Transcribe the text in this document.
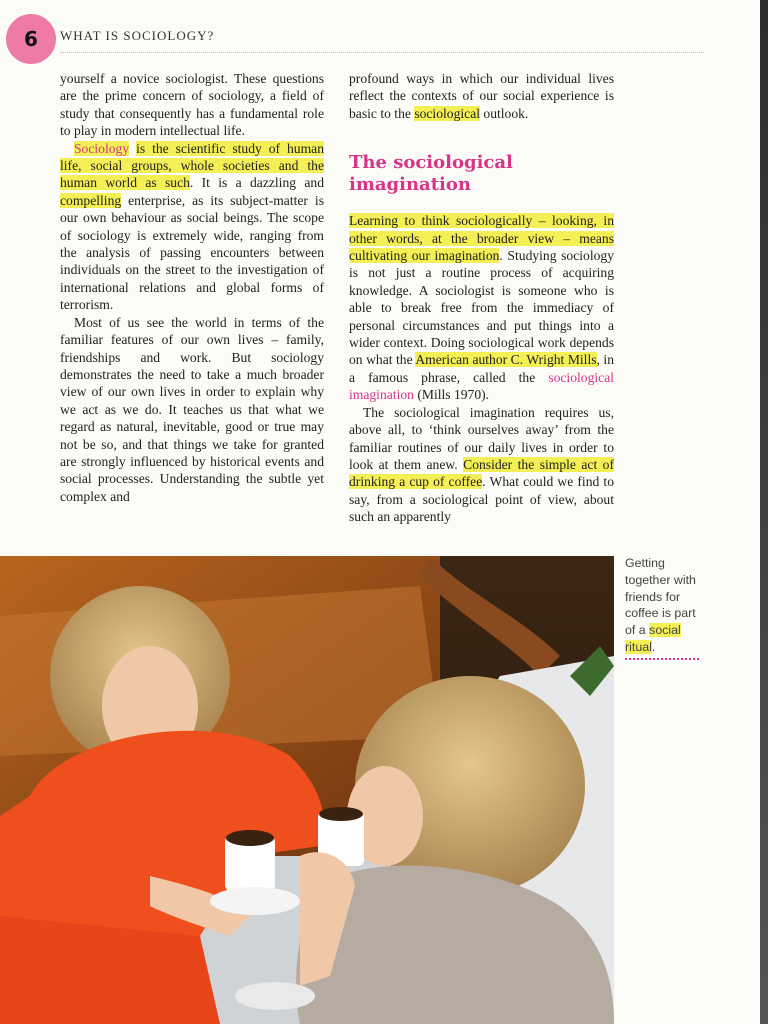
6 WHAT IS SOCIOLOGY?

yourself a novice sociologist. These questions are the prime concern of sociology, a field of study that consequently has a fundamental role to play in modern intellectual life.

Sociology is the scientific study of human life, social groups, whole societies and the human world as such. It is a dazzling and compelling enterprise, as its subject-matter is our own behaviour as social beings. The scope of sociology is extremely wide, ranging from the analysis of passing encounters between individuals on the street to the investigation of international relations and global forms of terrorism.

Most of us see the world in terms of the familiar features of our own lives – family, friendships and work. But sociology demonstrates the need to take a much broader view of our own lives in order to explain why we act as we do. It teaches us that what we regard as natural, inevitable, good or true may not be so, and that things we take for granted are strongly influenced by historical events and social processes. Understanding the subtle yet complex and

profound ways in which our individual lives reflect the contexts of our social experience is basic to the sociological outlook.

The sociological imagination

Learning to think sociologically – looking, in other words, at the broader view – means cultivating our imagination. Studying sociology is not just a routine process of acquiring knowledge. A sociologist is someone who is able to break free from the immediacy of personal circumstances and put things into a wider context. Doing sociological work depends on what the American author C. Wright Mills, in a famous phrase, called the sociological imagination (Mills 1970).

The sociological imagination requires us, above all, to ‘think ourselves away’ from the familiar routines of our daily lives in order to look at them anew. Consider the simple act of drinking a cup of coffee. What could we find to say, from a sociological point of view, about such an apparently

Getting together with friends for coffee is part of a social ritual.
